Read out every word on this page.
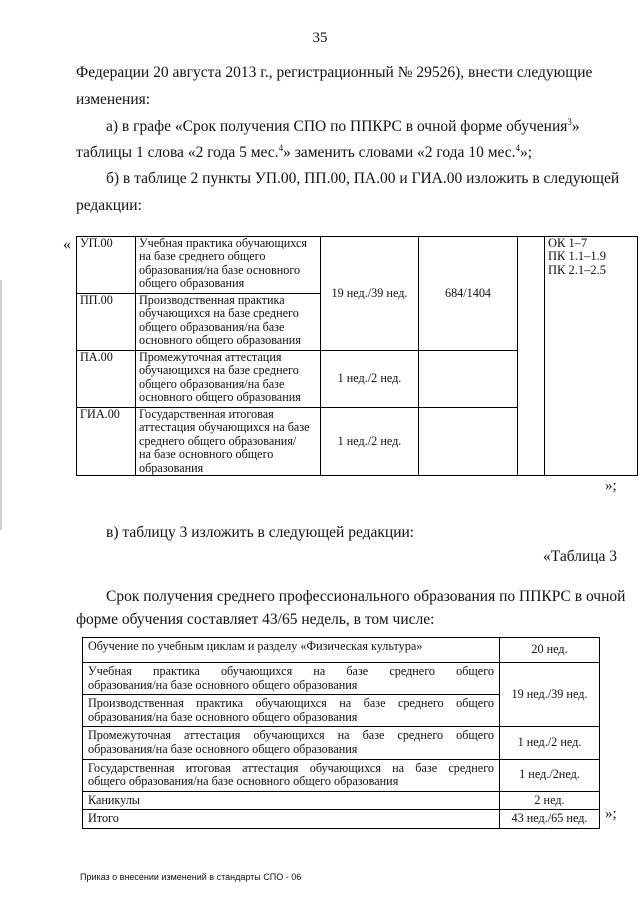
35
Федерации 20 августа 2013 г., регистрационный № 29526), внести следующие
изменения:
а) в графе «Срок получения СПО по ППКРС в очной форме обучения$^3$»
таблицы 1 слова «2 года 5 мес.$^4$» заменить словами «2 года 10 мес.$^4$»;
б) в таблице 2 пункты УП.00, ПП.00, ПА.00 и ГИА.00 изложить в следующей
редакции:
« УП.00	Учебная практика обучающихся
на базе среднего общего
образования/на базе основного
общего образования	19 нед./39 нед.	684/1404		ОК 1–7
ПК 1.1–1.9
ПК 2.1–2.5

ПП.00	Производственная практика
обучающихся на базе среднего
общего образования/на базе
основного общего образования				

ПА.00	Промежуточная аттестация
обучающихся на базе среднего
общего образования/на базе
основного общего образования	1 нед./2 нед.			
ГИА.00	Государственная итоговая
аттестация обучающихся на базе
среднего общего образования/
на базе основного общего
образования	1 нед./2 нед.			
»;
в) таблицу 3 изложить в следующей редакции:
«Таблица 3
Срок получения среднего профессионального образования по ППКРС в очной
форме обучения составляет 43/65 недель, в том числе:
Обучение по учебным циклам и разделу «Физическая культура»	20 нед.

Учебная практика обучающихся на базе среднего общего
образования/на базе основного общего образования	19 нед./39 нед.

Производственная практика обучающихся на базе среднего общего
образования/на базе основного общего образования	

Промежуточная аттестация обучающихся на базе среднего общего
образования/на базе основного общего образования	1 нед./2 нед.

Государственная итоговая аттестация обучающихся на базе среднего
общего образования/на базе основного общего образования	1 нед./2нед.
Каникулы	2 нед.
Итого	43 нед./65 нед. »;
Приказ о внесении изменений в стандарты СПО - 06
